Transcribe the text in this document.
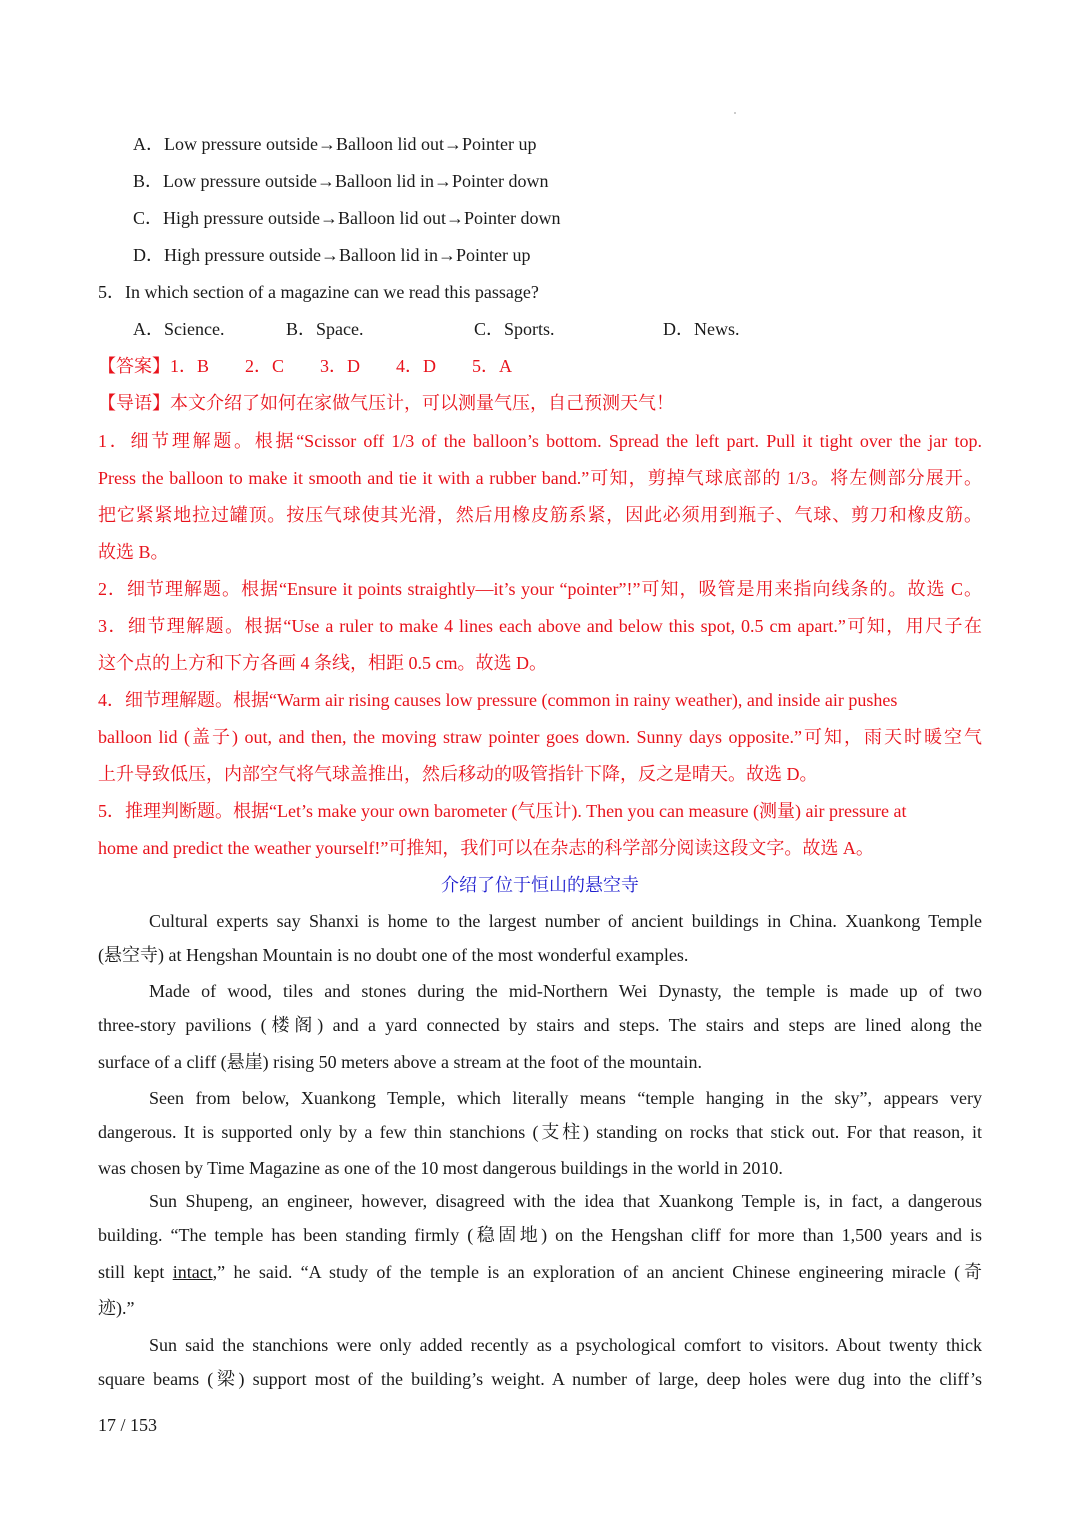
A．Low pressure outside→Balloon lid out→Pointer up
B．Low pressure outside→Balloon lid in→Pointer down
C．High pressure outside→Balloon lid out→Pointer down
D．High pressure outside→Balloon lid in→Pointer up
5．In which section of a magazine can we read this passage?
A．Science.	B．Space.	C．Sports.	D．News.
【答案】1．B　　2．C　　3．D　　4．D　　5．A
【导语】本文介绍了如何在家做气压计，可以测量气压，自己预测天气！
1．细节理解题。根据“Scissor off 1/3 of the balloon’s bottom. Spread the left part. Pull it tight over the jar top.
Press the balloon to make it smooth and tie it with a rubber band.”可知，剪掉气球底部的 1/3。将左侧部分展开。
把它紧紧地拉过罐顶。按压气球使其光滑，然后用橡皮筋系紧，因此必须用到瓶子、气球、剪刀和橡皮筋。
故选 B。
2．细节理解题。根据“Ensure it points straightly—it’s your “pointer”!”可知，吸管是用来指向线条的。故选 C。
3．细节理解题。根据“Use a ruler to make 4 lines each above and below this spot, 0.5 cm apart.”可知，用尺子在
这个点的上方和下方各画 4 条线，相距 0.5 cm。故选 D。
4．细节理解题。根据“Warm air rising causes low pressure (common in rainy weather), and inside air pushes
balloon lid (盖子) out, and then, the moving straw pointer goes down. Sunny days opposite.”可知，雨天时暖空气
上升导致低压，内部空气将气球盖推出，然后移动的吸管指针下降，反之是晴天。故选 D。
5．推理判断题。根据“Let’s make your own barometer (气压计). Then you can measure (测量) air pressure at
home and predict the weather yourself!”可推知，我们可以在杂志的科学部分阅读这段文字。故选 A。
介绍了位于恒山的悬空寺
Cultural experts say Shanxi is home to the largest number of ancient buildings in China. Xuankong Temple
(悬空寺) at Hengshan Mountain is no doubt one of the most wonderful examples.
Made of wood, tiles and stones during the mid-Northern Wei Dynasty, the temple is made up of two
three-story pavilions (楼阁) and a yard connected by stairs and steps. The stairs and steps are lined along the
surface of a cliff (悬崖) rising 50 meters above a stream at the foot of the mountain.
Seen from below, Xuankong Temple, which literally means “temple hanging in the sky”, appears very
dangerous. It is supported only by a few thin stanchions (支柱) standing on rocks that stick out. For that reason, it
was chosen by Time Magazine as one of the 10 most dangerous buildings in the world in 2010.
Sun Shupeng, an engineer, however, disagreed with the idea that Xuankong Temple is, in fact, a dangerous
building. “The temple has been standing firmly (稳固地) on the Hengshan cliff for more than 1,500 years and is
still kept intact,” he said. “A study of the temple is an exploration of an ancient Chinese engineering miracle (奇
迹).”
Sun said the stanchions were only added recently as a psychological comfort to visitors. About twenty thick
square beams (梁) support most of the building’s weight. A number of large, deep holes were dug into the cliff’s
17 / 153
